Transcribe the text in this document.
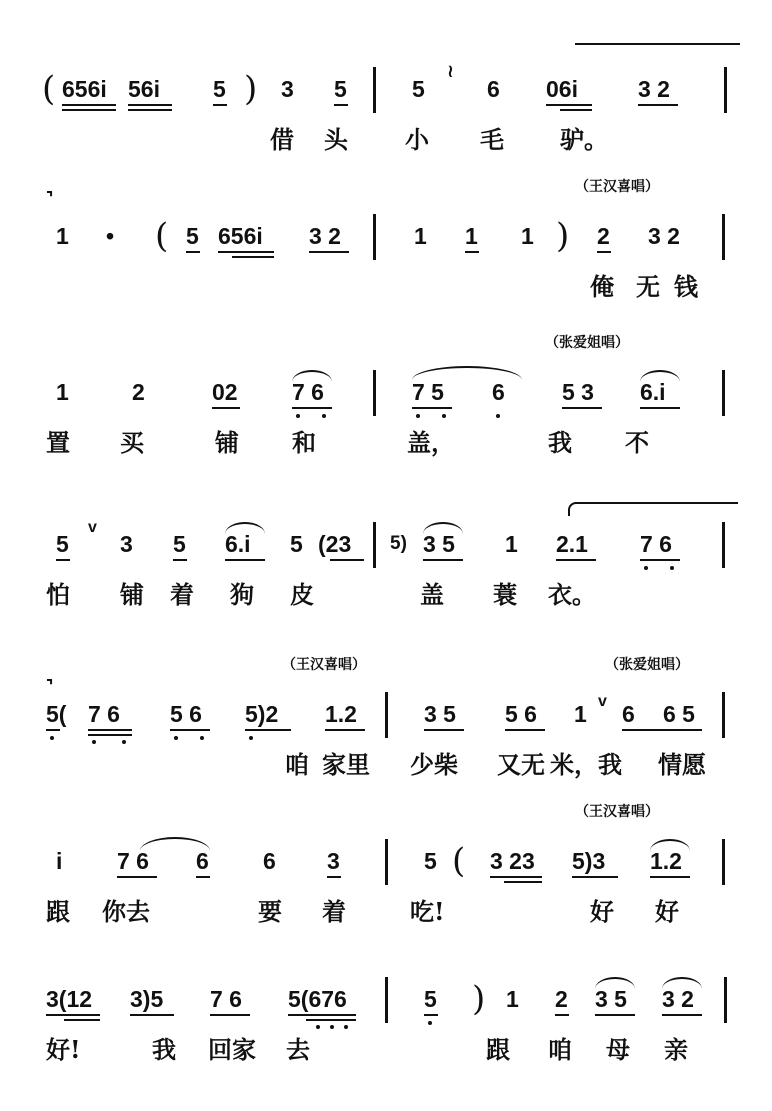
( 656i 56i 5 ) 3 5	5
≀
6 06i	3 2
借 头 小 毛 驴。
（王汉喜唱）
⌝
1 • ( 5 656i 3 2	1 1 1 ) 2 3 2
俺 无 钱
（张爱姐唱）
1	2	02 7 6	7 5 6 5 3 6.i
置 买	铺 和	盖，	我 不
5
v
3 5 6.i 5 (23 5) 3 5 1 2.1 7 6
怕 铺 着 狗 皮	盖 蓑 衣。
（王汉喜唱）	（张爱姐唱）
⌝
5( 7 6 5 6 5)2 1.2	3 5 5 6 1 v 6 6 5
咱 家里 少柴 又无 米，我 情愿
（王汉喜唱）
i 7 6 6 6 3	5 ( 3 23 5)3 1.2
跟 你去	要 着	吃!	好 好
3(12 3)5 7 6 5(676	5 ) 1 2 3 5 3 2
好!	我 回家 去	跟 咱 母 亲
